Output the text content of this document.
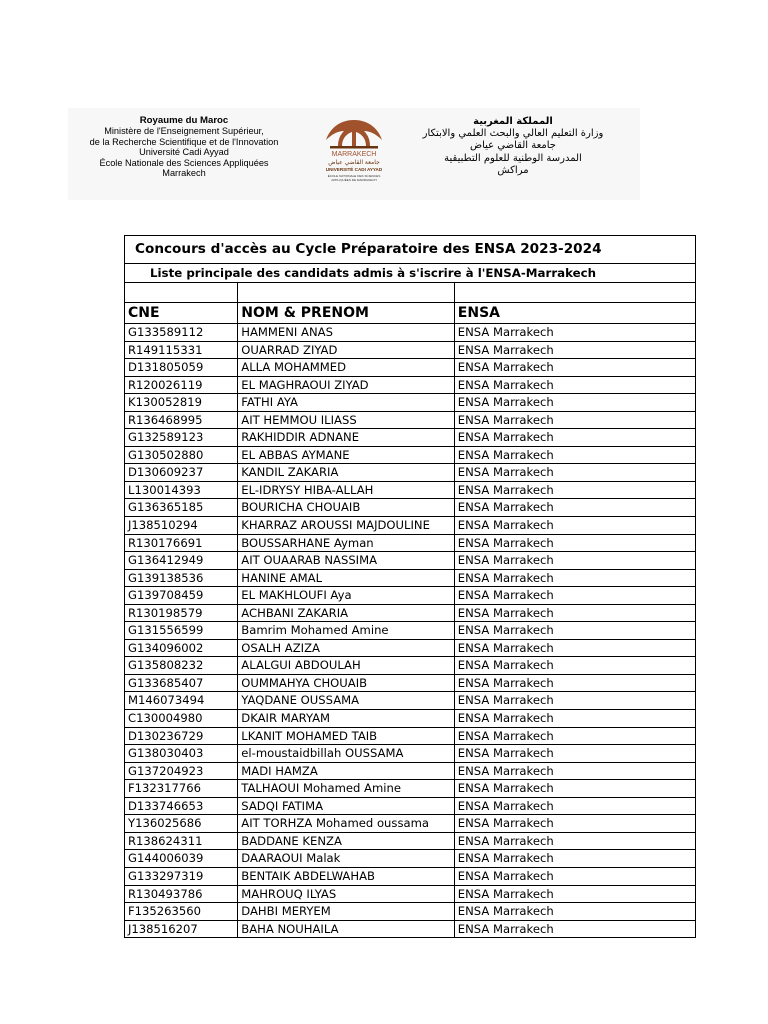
Royaume du Maroc
Ministère de l'Enseignement Supérieur,
de la Recherche Scientifique et de l'Innovation
Université Cadi Ayyad
École Nationale des Sciences Appliquées
Marrakech
MARRAKECH
جامعة القاضي عياض
UNIVERSITÉ CADI AYYAD
ÉCOLE NATIONALE DES SCIENCES
APPLIQUÉES DE MARRAKECH
المملكة المغربية
وزارة التعليم العالي والبحث العلمي والابتكار
جامعة القاضي عياض
المدرسة الوطنية للعلوم التطبيقية
مراكش
Concours d'accès au Cycle Préparatoire des ENSA 2023-2024
Liste principale des candidats admis à s'iscrire à l'ENSA-Marrakech

CNE	NOM & PRENOM	ENSA
G133589112	HAMMENI ANAS	ENSA Marrakech
R149115331	OUARRAD ZIYAD	ENSA Marrakech
D131805059	ALLA MOHAMMED	ENSA Marrakech
R120026119	EL MAGHRAOUI ZIYAD	ENSA Marrakech
K130052819	FATHI AYA	ENSA Marrakech
R136468995	AIT HEMMOU ILIASS	ENSA Marrakech
G132589123	RAKHIDDIR ADNANE	ENSA Marrakech
G130502880	EL ABBAS AYMANE	ENSA Marrakech
D130609237	KANDIL ZAKARIA	ENSA Marrakech
L130014393	EL-IDRYSY HIBA-ALLAH	ENSA Marrakech
G136365185	BOURICHA CHOUAIB	ENSA Marrakech
J138510294	KHARRAZ AROUSSI MAJDOULINE	ENSA Marrakech
R130176691	BOUSSARHANE Ayman	ENSA Marrakech
G136412949	AIT OUAARAB NASSIMA	ENSA Marrakech
G139138536	HANINE AMAL	ENSA Marrakech
G139708459	EL MAKHLOUFI Aya	ENSA Marrakech
R130198579	ACHBANI ZAKARIA	ENSA Marrakech
G131556599	Bamrim Mohamed Amine	ENSA Marrakech
G134096002	OSALH AZIZA	ENSA Marrakech
G135808232	ALALGUI ABDOULAH	ENSA Marrakech
G133685407	OUMMAHYA CHOUAIB	ENSA Marrakech
M146073494	YAQDANE OUSSAMA	ENSA Marrakech
C130004980	DKAIR MARYAM	ENSA Marrakech
D130236729	LKANIT MOHAMED TAIB	ENSA Marrakech
G138030403	el-moustaidbillah OUSSAMA	ENSA Marrakech
G137204923	MADI HAMZA	ENSA Marrakech
F132317766	TALHAOUI Mohamed Amine	ENSA Marrakech
D133746653	SADQI FATIMA	ENSA Marrakech
Y136025686	AIT TORHZA Mohamed oussama	ENSA Marrakech
R138624311	BADDANE KENZA	ENSA Marrakech
G144006039	DAARAOUI Malak	ENSA Marrakech
G133297319	BENTAIK ABDELWAHAB	ENSA Marrakech
R130493786	MAHROUQ ILYAS	ENSA Marrakech
F135263560	DAHBI MERYEM	ENSA Marrakech
J138516207	BAHA NOUHAILA	ENSA Marrakech
